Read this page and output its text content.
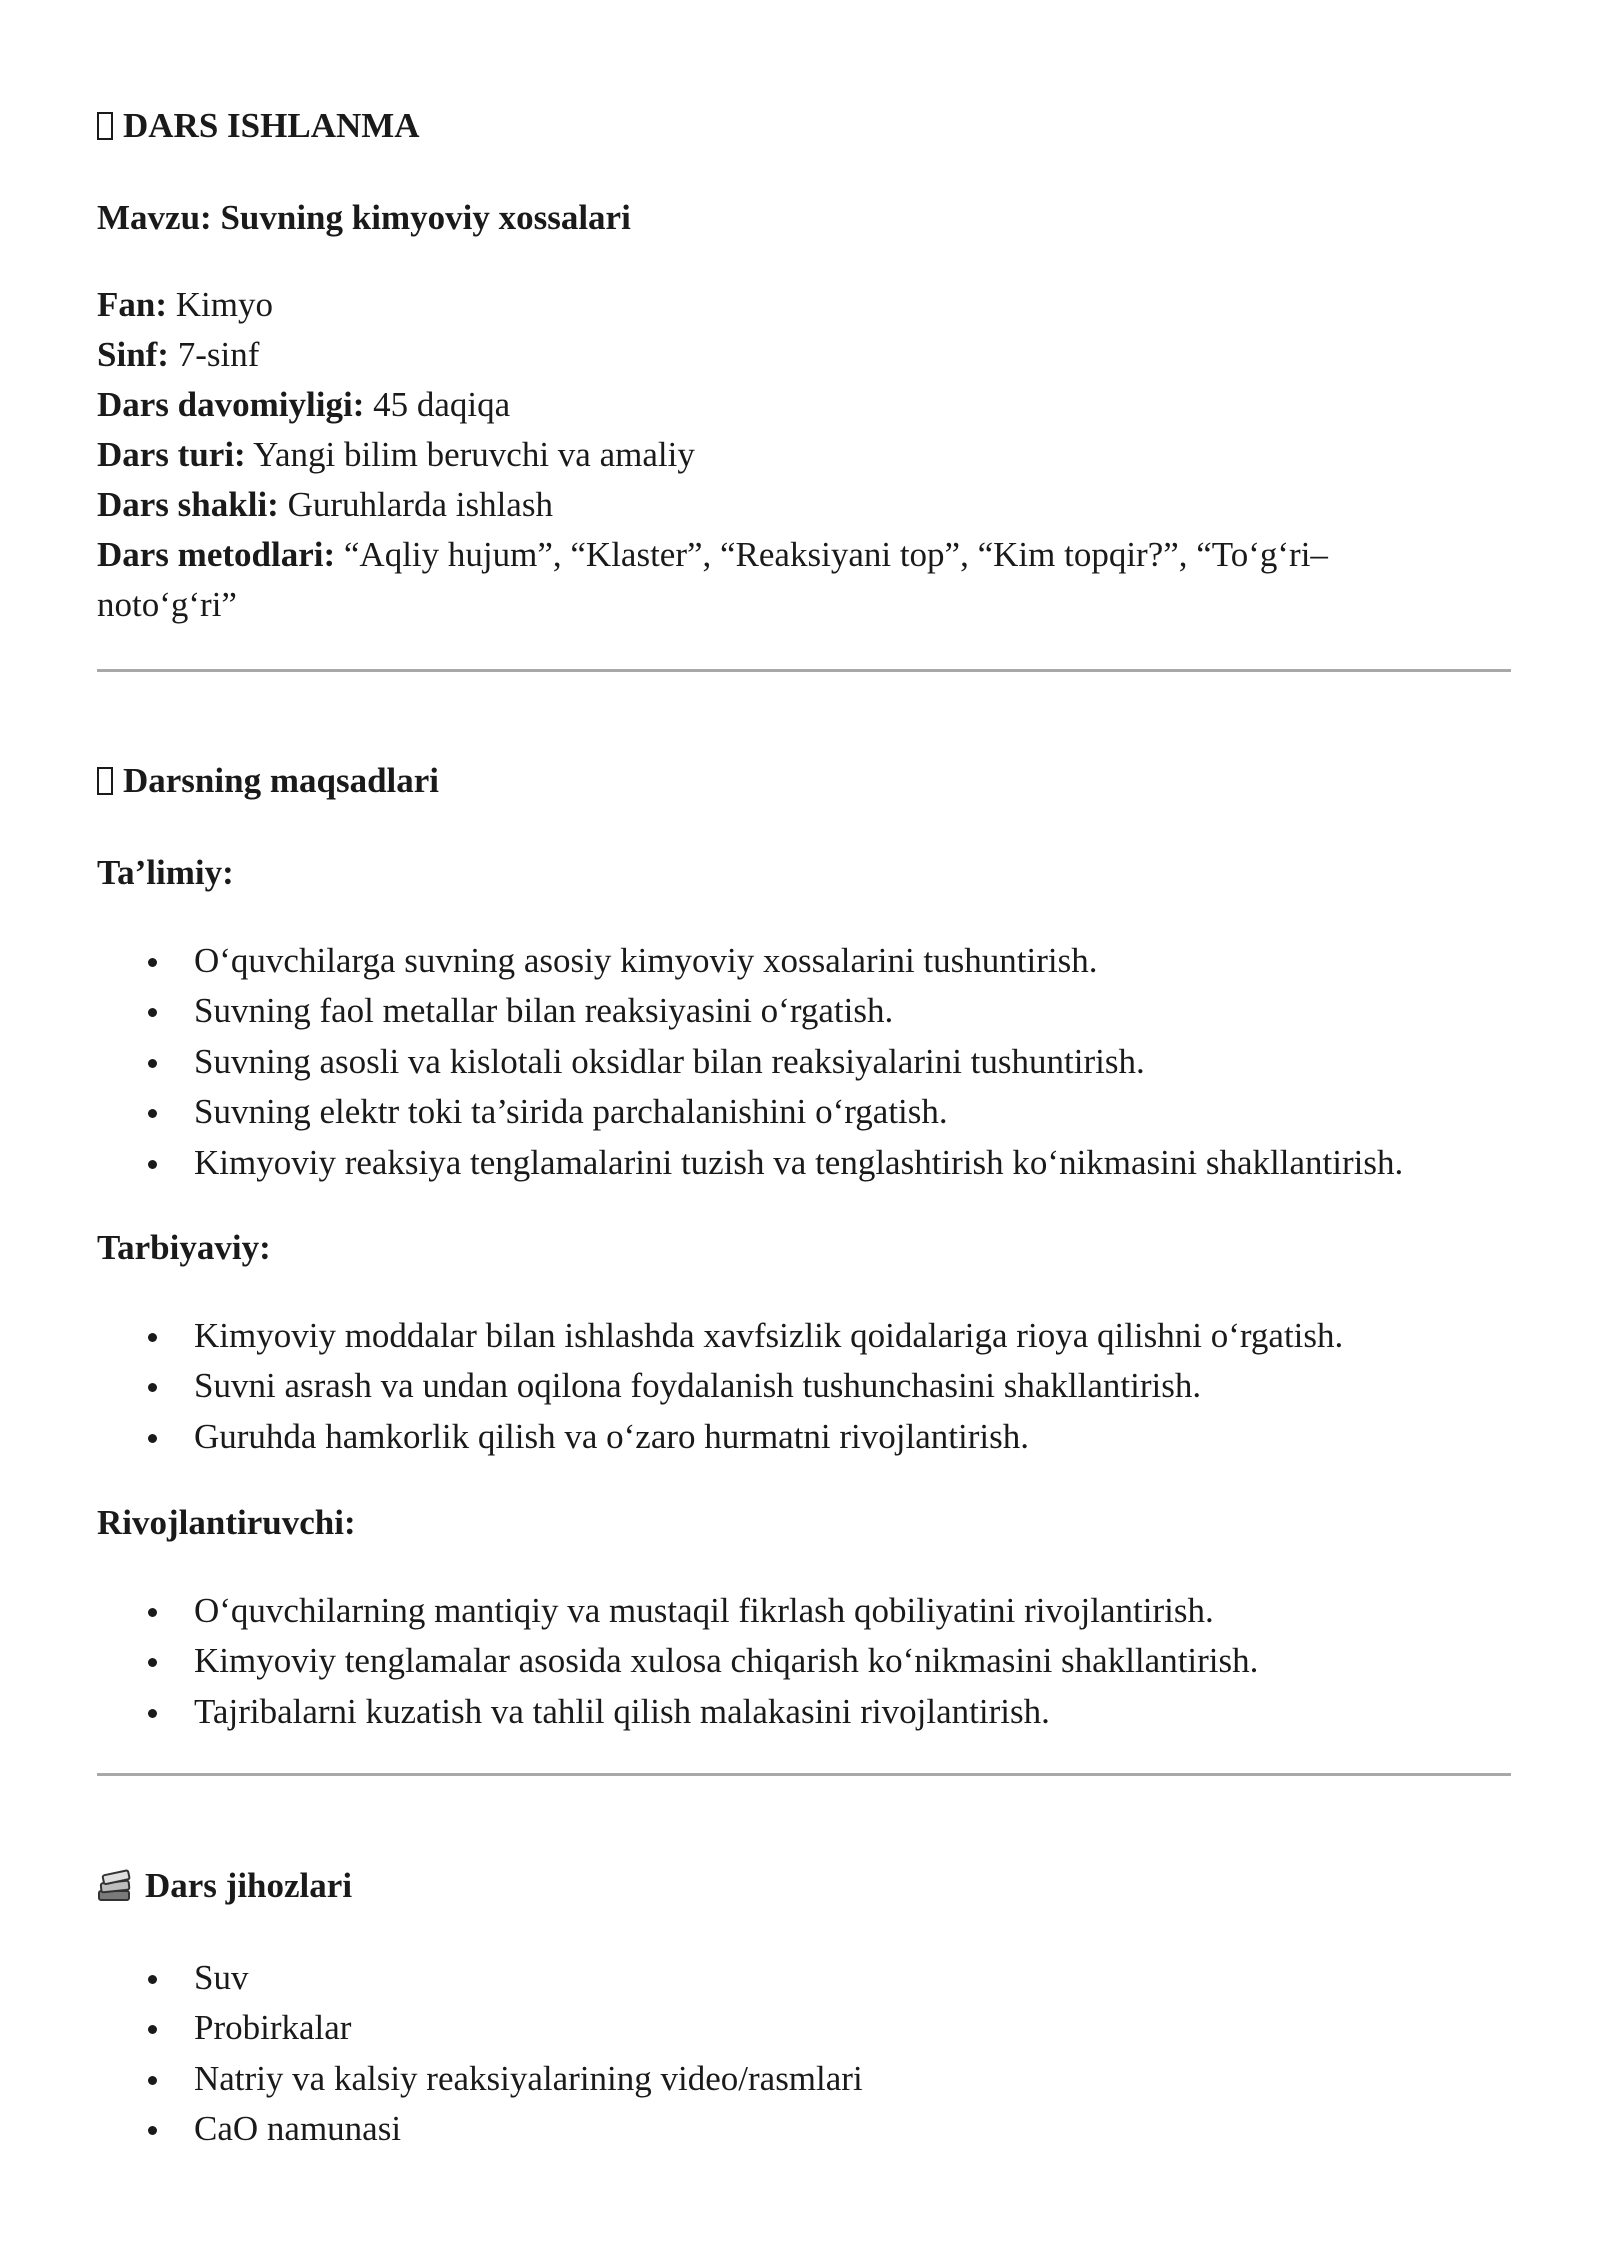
DARS ISHLANMA
Mavzu: Suvning kimyoviy xossalari
Fan: Kimyo
Sinf: 7-sinf
Dars davomiyligi: 45 daqiqa
Dars turi: Yangi bilim beruvchi va amaliy
Dars shakli: Guruhlarda ishlash
Dars metodlari: “Aqliy hujum”, “Klaster”, “Reaksiyani top”, “Kim topqir?”, “To‘g‘ri–
noto‘g‘ri”
Darsning maqsadlari
Ta’limiy:
O‘quvchilarga suvning asosiy kimyoviy xossalarini tushuntirish.
Suvning faol metallar bilan reaksiyasini o‘rgatish.
Suvning asosli va kislotali oksidlar bilan reaksiyalarini tushuntirish.
Suvning elektr toki ta’sirida parchalanishini o‘rgatish.
Kimyoviy reaksiya tenglamalarini tuzish va tenglashtirish ko‘nikmasini shakllantirish.
Tarbiyaviy:
Kimyoviy moddalar bilan ishlashda xavfsizlik qoidalariga rioya qilishni o‘rgatish.
Suvni asrash va undan oqilona foydalanish tushunchasini shakllantirish.
Guruhda hamkorlik qilish va o‘zaro hurmatni rivojlantirish.
Rivojlantiruvchi:
O‘quvchilarning mantiqiy va mustaqil fikrlash qobiliyatini rivojlantirish.
Kimyoviy tenglamalar asosida xulosa chiqarish ko‘nikmasini shakllantirish.
Tajribalarni kuzatish va tahlil qilish malakasini rivojlantirish.
Dars jihozlari
Suv
Probirkalar
Natriy va kalsiy reaksiyalarining video/rasmlari
CaO namunasi
